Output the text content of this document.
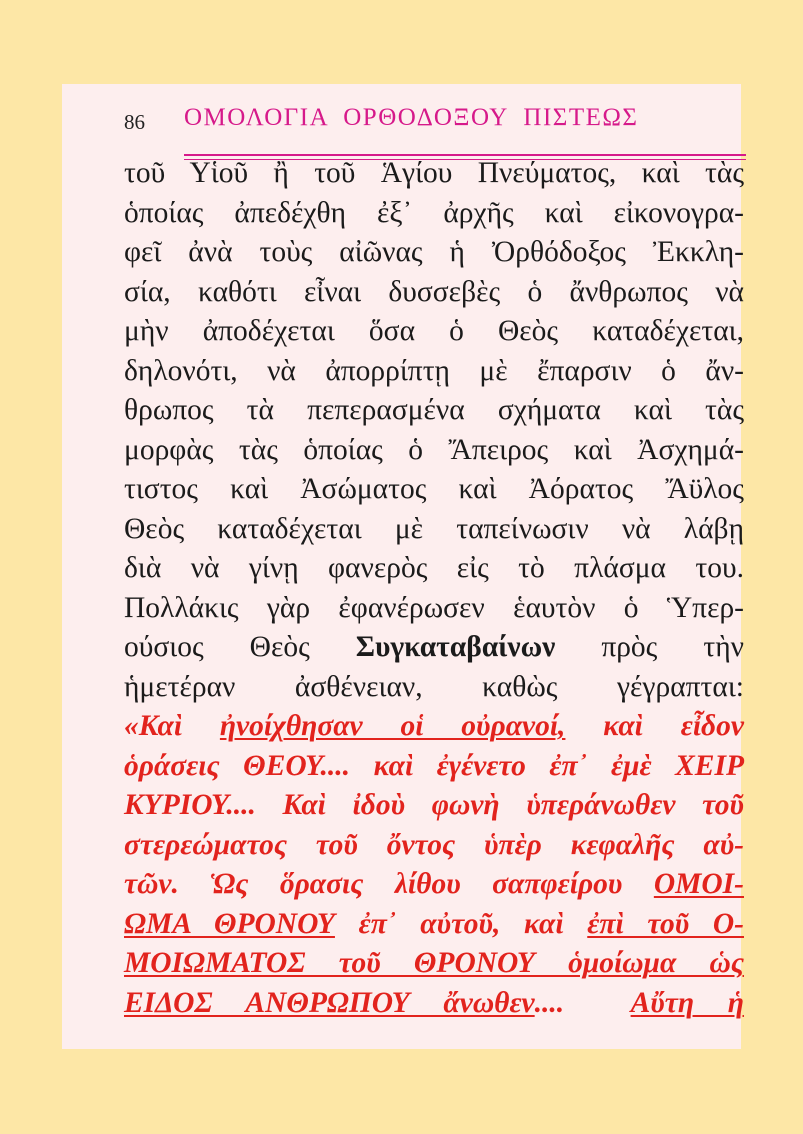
86 ΟΜΟΛΟΓΙΑ  ΟΡΘΟΔΟΞΟΥ  ΠΙΣΤΕΩΣ
τοῦ Υἱοῦ ἢ τοῦ Ἁγίου Πνεύματος, καὶ τὰς
ὁποίας ἀπεδέχθη ἐξ᾽ ἀρχῆς καὶ εἰκονογρα-
φεῖ ἀνὰ τοὺς αἰῶνας ἡ Ὀρθόδοξος Ἐκκλη-
σία, καθότι εἶναι δυσσεβὲς ὁ ἄνθρωπος νὰ
μὴν ἀποδέχεται ὅσα ὁ Θεὸς καταδέχεται,
δηλονότι, νὰ ἀπορρίπτῃ μὲ ἔπαρσιν ὁ ἄν-
θρωπος τὰ πεπερασμένα σχήματα καὶ τὰς
μορφὰς τὰς ὁποίας ὁ Ἄπειρος καὶ Ἀσχημά-
τιστος καὶ Ἀσώματος καὶ Ἀόρατος Ἄϋλος
Θεὸς καταδέχεται μὲ ταπείνωσιν νὰ λάβῃ
διὰ νὰ γίνῃ φανερὸς εἰς τὸ πλάσμα του.
Πολλάκις γὰρ ἐφανέρωσεν ἑαυτὸν ὁ Ὑπερ-
ούσιος Θεὸς Συγκαταβαίνων πρὸς τὴν
ἡμετέραν ἀσθένειαν, καθὼς γέγραπται:
«Καὶ ἠνοίχθησαν οἱ οὐρανοί, καὶ εἶδον
ὁράσεις ΘΕΟΥ.... καὶ ἐγένετο ἐπ᾽ ἐμὲ ΧΕΙΡ
ΚΥΡΙΟΥ.... Καὶ ἰδοὺ φωνὴ ὑπεράνωθεν τοῦ
στερεώματος τοῦ ὄντος ὑπὲρ κεφαλῆς αὐ-
τῶν. Ὡς ὅρασις λίθου σαπφείρου ΟΜΟΙ-
ΩΜΑ ΘΡΟΝΟΥ ἐπ᾽ αὐτοῦ, καὶ ἐπὶ τοῦ Ο-
ΜΟΙΩΜΑΤΟΣ τοῦ ΘΡΟΝΟΥ ὁμοίωμα ὡς
ΕΙΔΟΣ ΑΝΘΡΩΠΟΥ ἄνωθεν....  Αὔτη ἡ
